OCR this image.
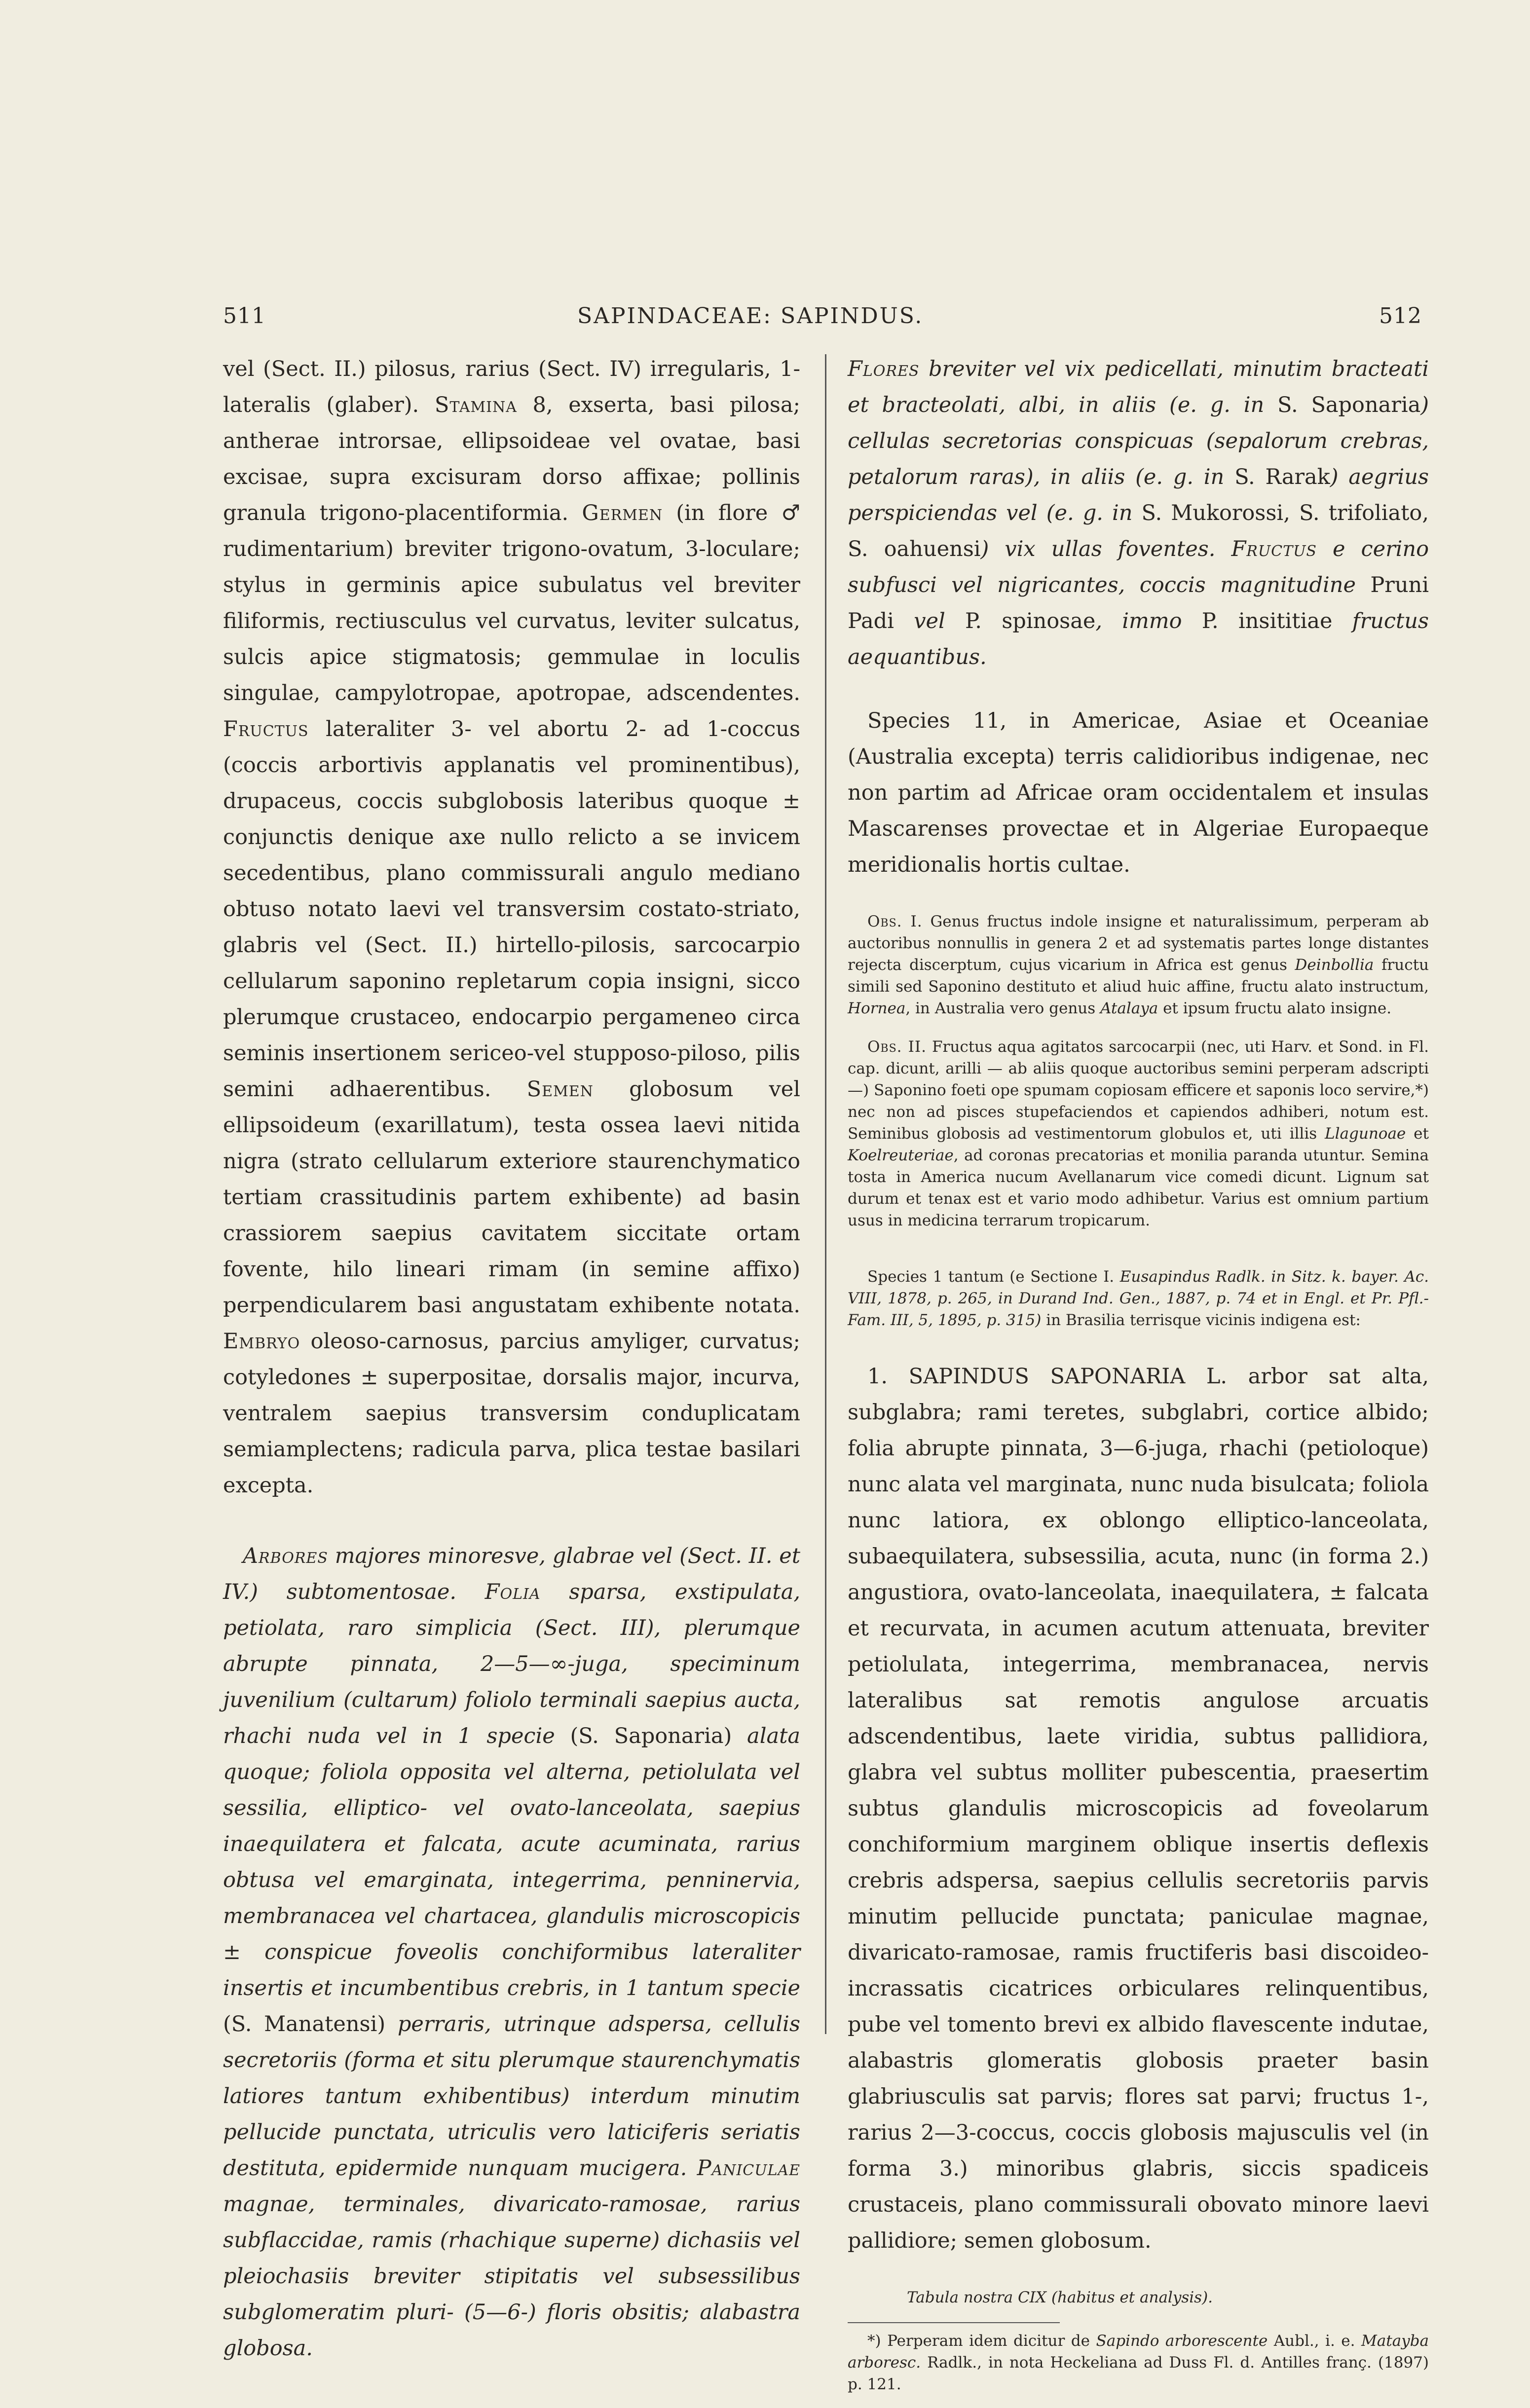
511	SAPINDACEAE: SAPINDUS.	512

vel (Sect. II.) pilosus, rarius (Sect. IV) irregularis, 1-lateralis (glaber). Stamina 8, exserta, basi pilosa; antherae introrsae, ellipsoideae vel ovatae, basi excisae, supra excisuram dorso affixae; pollinis granula trigono-placentiformia. Germen (in flore ♂ rudimentarium) breviter trigono-ovatum, 3-loculare; stylus in germinis apice subulatus vel breviter filiformis, rectiusculus vel curvatus, leviter sulcatus, sulcis apice stigmatosis; gemmulae in loculis singulae, campylotropae, apotropae, adscendentes. Fructus lateraliter 3- vel abortu 2- ad 1-coccus (coccis arbortivis applanatis vel prominentibus), drupaceus, coccis subglobosis lateribus quoque ± conjunctis denique axe nullo relicto a se invicem secedentibus, plano commissurali angulo mediano obtuso notato laevi vel transversim costato-striato, glabris vel (Sect. II.) hirtello-pilosis, sarcocarpio cellularum saponino repletarum copia insigni, sicco plerumque crustaceo, endocarpio pergameneo circa seminis insertionem sericeo-vel stupposo-piloso, pilis semini adhaerentibus. Semen globosum vel ellipsoideum (exarillatum), testa ossea laevi nitida nigra (strato cellularum exteriore staurenchymatico tertiam crassitudinis partem exhibente) ad basin crassiorem saepius cavitatem siccitate ortam fovente, hilo lineari rimam (in semine affixo) perpendicularem basi angustatam exhibente notata. Embryo oleoso-carnosus, parcius amyliger, curvatus; cotyledones ± superpositae, dorsalis major, incurva, ventralem saepius transversim conduplicatam semiamplectens; radicula parva, plica testae basilari excepta.

Arbores majores minoresve, glabrae vel (Sect. II. et IV.) subtomentosae. Folia sparsa, exstipulata, petiolata, raro simplicia (Sect. III), plerumque abrupte pinnata, 2—5—∞-juga, speciminum juvenilium (cultarum) foliolo terminali saepius aucta, rhachi nuda vel in 1 specie (S. Saponaria) alata quoque; foliola opposita vel alterna, petiolulata vel sessilia, elliptico- vel ovato-lanceolata, saepius inaequilatera et falcata, acute acuminata, rarius obtusa vel emarginata, integerrima, penninervia, membranacea vel chartacea, glandulis microscopicis ± conspicue foveolis conchiformibus lateraliter insertis et incumbentibus crebris, in 1 tantum specie (S. Manatensi) perraris, utrinque adspersa, cellulis secretoriis (forma et situ plerumque staurenchymatis latiores tantum exhibentibus) interdum minutim pellucide punctata, utriculis vero laticiferis seriatis destituta, epidermide nunquam mucigera. Paniculae magnae, terminales, divaricato-ramosae, rarius subflaccidae, ramis (rhachique superne) dichasiis vel pleiochasiis breviter stipitatis vel subsessilibus subglomeratim pluri- (5—6-) floris obsitis; alabastra globosa.

Flores breviter vel vix pedicellati, minutim bracteati et bracteolati, albi, in aliis (e. g. in S. Saponaria) cellulas secretorias conspicuas (sepalorum crebras, petalorum raras), in aliis (e. g. in S. Rarak) aegrius perspiciendas vel (e. g. in S. Mukorossi, S. trifoliato, S. oahuensi) vix ullas foventes. Fructus e cerino subfusci vel nigricantes, coccis magnitudine Pruni Padi vel P. spinosae, immo P. insititiae fructus aequantibus.

Species 11, in Americae, Asiae et Oceaniae (Australia excepta) terris calidioribus indigenae, nec non partim ad Africae oram occidentalem et insulas Mascarenses provectae et in Algeriae Europaeque meridionalis hortis cultae.

Obs. I. Genus fructus indole insigne et naturalissimum, perperam ab auctoribus nonnullis in genera 2 et ad systematis partes longe distantes rejecta discerptum, cujus vicarium in Africa est genus Deinbollia fructu simili sed Saponino destituto et aliud huic affine, fructu alato instructum, Hornea, in Australia vero genus Atalaya et ipsum fructu alato insigne.

Obs. II. Fructus aqua agitatos sarcocarpii (nec, uti Harv. et Sond. in Fl. cap. dicunt, arilli — ab aliis quoque auctoribus semini perperam adscripti —) Saponino foeti ope spumam copiosam efficere et saponis loco servire,*) nec non ad pisces stupefaciendos et capiendos adhiberi, notum est. Seminibus globosis ad vestimentorum globulos et, uti illis Llagunoae et Koelreuteriae, ad coronas precatorias et monilia paranda utuntur. Semina tosta in America nucum Avellanarum vice comedi dicunt. Lignum sat durum et tenax est et vario modo adhibetur. Varius est omnium partium usus in medicina terrarum tropicarum.

Species 1 tantum (e Sectione I. Eusapindus Radlk. in Sitz. k. bayer. Ac. VIII, 1878, p. 265, in Durand Ind. Gen., 1887, p. 74 et in Engl. et Pr. Pfl.-Fam. III, 5, 1895, p. 315) in Brasilia terrisque vicinis indigena est:

1. SAPINDUS SAPONARIA L. arbor sat alta, subglabra; rami teretes, subglabri, cortice albido; folia abrupte pinnata, 3—6-juga, rhachi (petioloque) nunc alata vel marginata, nunc nuda bisulcata; foliola nunc latiora, ex oblongo elliptico-lanceolata, subaequilatera, subsessilia, acuta, nunc (in forma 2.) angustiora, ovato-lanceolata, inaequilatera, ± falcata et recurvata, in acumen acutum attenuata, breviter petiolulata, integerrima, membranacea, nervis lateralibus sat remotis angulose arcuatis adscendentibus, laete viridia, subtus pallidiora, glabra vel subtus molliter pubescentia, praesertim subtus glandulis microscopicis ad foveolarum conchiformium marginem oblique insertis deflexis crebris adspersa, saepius cellulis secretoriis parvis minutim pellucide punctata; paniculae magnae, divaricato-ramosae, ramis fructiferis basi discoideo-incrassatis cicatrices orbiculares relinquentibus, pube vel tomento brevi ex albido flavescente indutae, alabastris glomeratis globosis praeter basin glabriusculis sat parvis; flores sat parvi; fructus 1-, rarius 2—3-coccus, coccis globosis majusculis vel (in forma 3.) minoribus glabris, siccis spadiceis crustaceis, plano commissurali obovato minore laevi pallidiore; semen globosum.

Tabula nostra CIX (habitus et analysis).

*) Perperam idem dicitur de Sapindo arborescente Aubl., i. e. Matayba arboresc. Radlk., in nota Heckeliana ad Duss Fl. d. Antilles franç. (1897) p. 121.
